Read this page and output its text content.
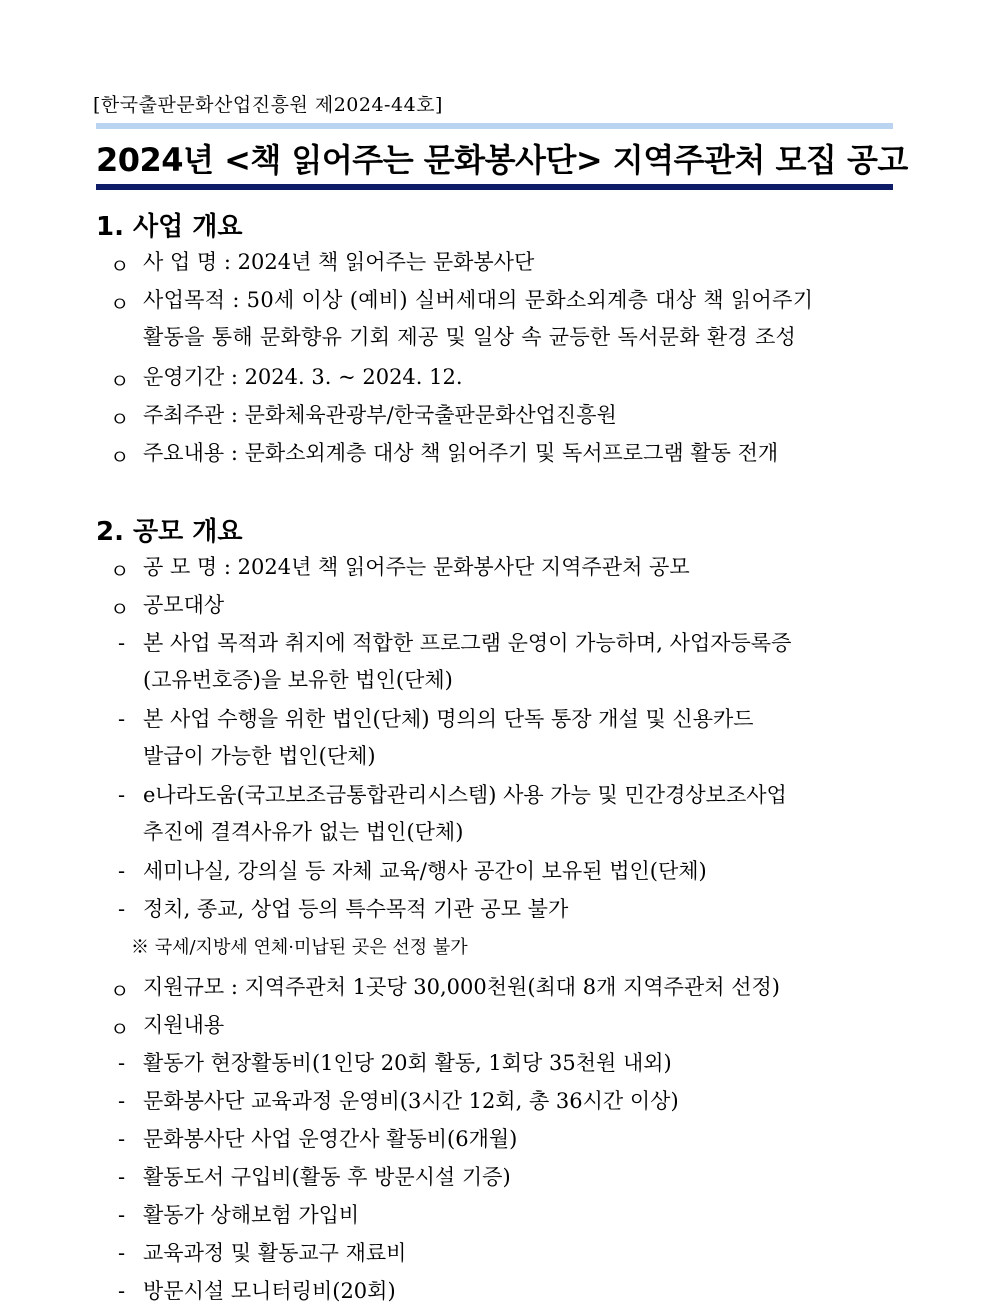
[한국출판문화산업진흥원 제2024-44호]
2024년 <책 읽어주는 문화봉사단> 지역주관처 모집 공고
1. 사업 개요
ㅇ 사 업 명 : 2024년 책 읽어주는 문화봉사단
ㅇ 사업목적 : 50세 이상 (예비) 실버세대의 문화소외계층 대상 책 읽어주기
활동을 통해 문화향유 기회 제공 및 일상 속 균등한 독서문화 환경 조성
ㅇ 운영기간 : 2024. 3. ~ 2024. 12.
ㅇ 주최주관 : 문화체육관광부/한국출판문화산업진흥원
ㅇ 주요내용 : 문화소외계층 대상 책 읽어주기 및 독서프로그램 활동 전개
2. 공모 개요
ㅇ 공 모 명 : 2024년 책 읽어주는 문화봉사단 지역주관처 공모
ㅇ 공모대상
- 본 사업 목적과 취지에 적합한 프로그램 운영이 가능하며, 사업자등록증
(고유번호증)을 보유한 법인(단체)
- 본 사업 수행을 위한 법인(단체) 명의의 단독 통장 개설 및 신용카드
발급이 가능한 법인(단체)
- e나라도움(국고보조금통합관리시스템) 사용 가능 및 민간경상보조사업
추진에 결격사유가 없는 법인(단체)
- 세미나실, 강의실 등 자체 교육/행사 공간이 보유된 법인(단체)
- 정치, 종교, 상업 등의 특수목적 기관 공모 불가
※ 국세/지방세 연체·미납된 곳은 선정 불가
ㅇ 지원규모 : 지역주관처 1곳당 30,000천원(최대 8개 지역주관처 선정)
ㅇ 지원내용
- 활동가 현장활동비(1인당 20회 활동, 1회당 35천원 내외)
- 문화봉사단 교육과정 운영비(3시간 12회, 총 36시간 이상)
- 문화봉사단 사업 운영간사 활동비(6개월)
- 활동도서 구입비(활동 후 방문시설 기증)
- 활동가 상해보험 가입비
- 교육과정 및 활동교구 재료비
- 방문시설 모니터링비(20회)
